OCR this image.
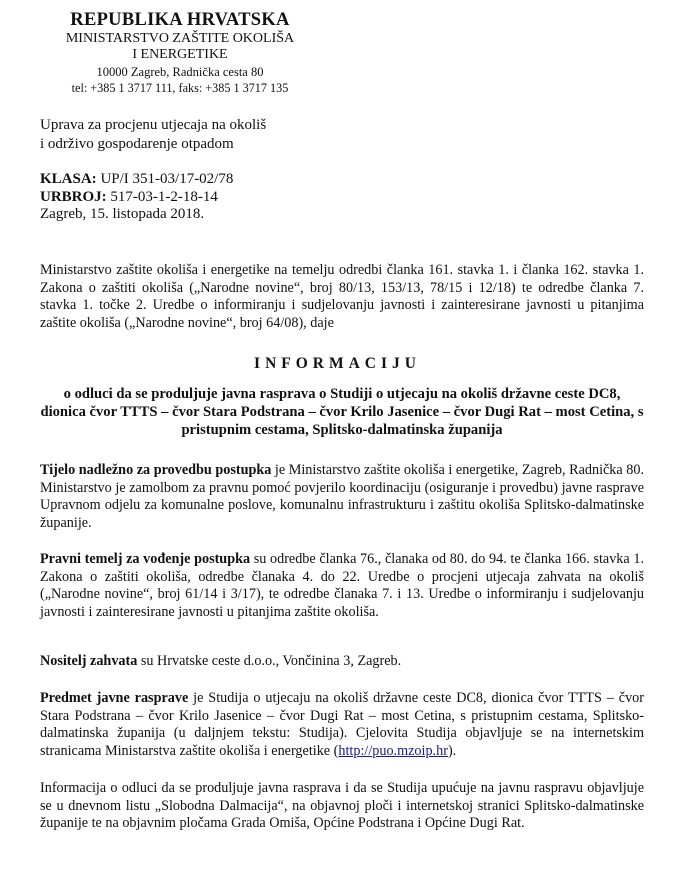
REPUBLIKA HRVATSKA
MINISTARSTVO ZAŠTITE OKOLIŠA
I ENERGETIKE
10000 Zagreb, Radnička cesta 80
tel: +385 1 3717 111, faks: +385 1 3717 135
Uprava za procjenu utjecaja na okoliš
i održivo gospodarenje otpadom
KLASA: UP/I 351-03/17-02/78
URBROJ: 517-03-1-2-18-14
Zagreb, 15. listopada 2018.
Ministarstvo zaštite okoliša i energetike na temelju odredbi članka 161. stavka 1. i članka 162. stavka 1. Zakona o zaštiti okoliša („Narodne novine“, broj 80/13, 153/13, 78/15 i 12/18) te odredbe članka 7. stavka 1. točke 2. Uredbe o informiranju i sudjelovanju javnosti i zainteresirane javnosti u pitanjima zaštite okoliša („Narodne novine“, broj 64/08), daje
INFORMACIJU
o odluci da se produljuje javna rasprava o Studiji o utjecaju na okoliš državne ceste DC8, dionica čvor TTTS – čvor Stara Podstrana – čvor Krilo Jasenice – čvor Dugi Rat – most Cetina, s pristupnim cestama, Splitsko-dalmatinska županija
Tijelo nadležno za provedbu postupka je Ministarstvo zaštite okoliša i energetike, Zagreb, Radnička 80. Ministarstvo je zamolbom za pravnu pomoć povjerilo koordinaciju (osiguranje i provedbu) javne rasprave Upravnom odjelu za komunalne poslove, komunalnu infrastrukturu i zaštitu okoliša Splitsko-dalmatinske županije.
Pravni temelj za vođenje postupka su odredbe članka 76., članaka od 80. do 94. te članka 166. stavka 1. Zakona o zaštiti okoliša, odredbe članaka 4. do 22. Uredbe o procjeni utjecaja zahvata na okoliš („Narodne novine“, broj 61/14 i 3/17), te odredbe članaka 7. i 13. Uredbe o informiranju i sudjelovanju javnosti i zainteresirane javnosti u pitanjima zaštite okoliša.
Nositelj zahvata su Hrvatske ceste d.o.o., Vončinina 3, Zagreb.
Predmet javne rasprave je Studija o utjecaju na okoliš državne ceste DC8, dionica čvor TTTS – čvor Stara Podstrana – čvor Krilo Jasenice – čvor Dugi Rat – most Cetina, s pristupnim cestama, Splitsko-dalmatinska županija (u daljnjem tekstu: Studija). Cjelovita Studija objavljuje se na internetskim stranicama Ministarstva zaštite okoliša i energetike (http://puo.mzoip.hr).
Informacija o odluci da se produljuje javna rasprava i da se Studija upućuje na javnu raspravu objavljuje se u dnevnom listu „Slobodna Dalmacija“, na objavnoj ploči i internetskoj stranici Splitsko-dalmatinske županije te na objavnim pločama Grada Omiša, Općine Podstrana i Općine Dugi Rat.
